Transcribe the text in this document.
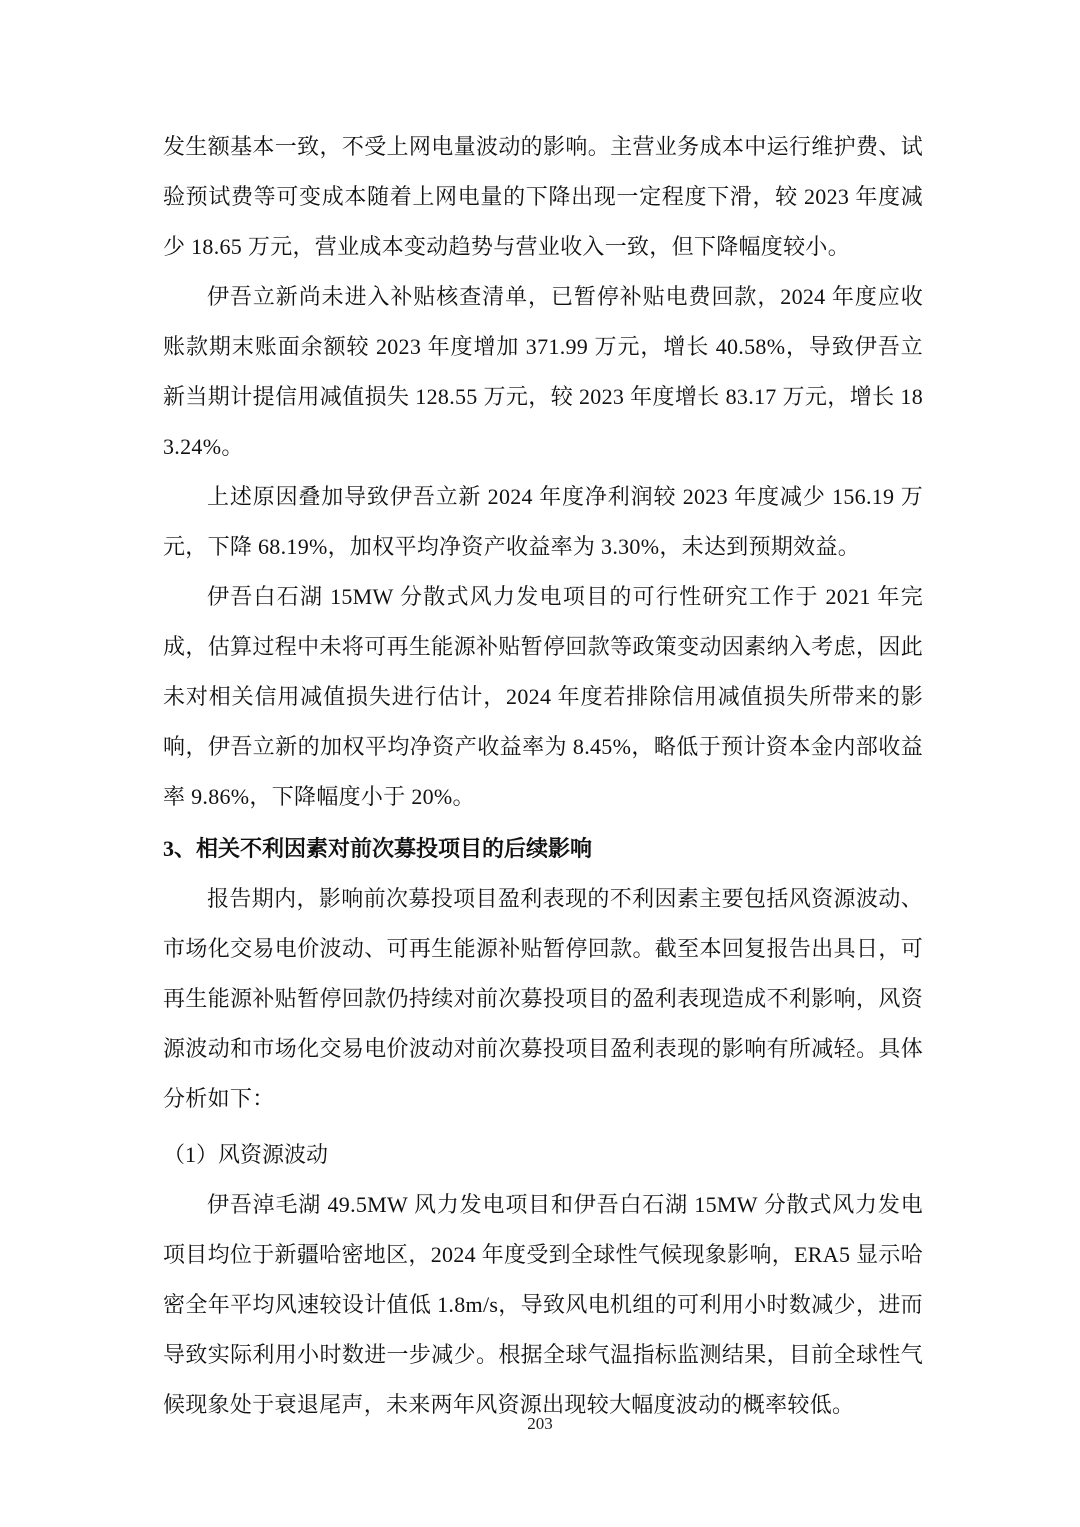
发生额基本一致，不受上网电量波动的影响。主营业务成本中运行维护费、试验预试费等可变成本随着上网电量的下降出现一定程度下滑，较 2023 年度减少 18.65 万元，营业成本变动趋势与营业收入一致，但下降幅度较小。

伊吾立新尚未进入补贴核查清单，已暂停补贴电费回款，2024 年度应收账款期末账面余额较 2023 年度增加 371.99 万元，增长 40.58%，导致伊吾立新当期计提信用减值损失 128.55 万元，较 2023 年度增长 83.17 万元，增长 183.24%。

上述原因叠加导致伊吾立新 2024 年度净利润较 2023 年度减少 156.19 万元，下降 68.19%，加权平均净资产收益率为 3.30%，未达到预期效益。

伊吾白石湖 15MW 分散式风力发电项目的可行性研究工作于 2021 年完成，估算过程中未将可再生能源补贴暂停回款等政策变动因素纳入考虑，因此未对相关信用减值损失进行估计，2024 年度若排除信用减值损失所带来的影响，伊吾立新的加权平均净资产收益率为 8.45%，略低于预计资本金内部收益率 9.86%，下降幅度小于 20%。

3、相关不利因素对前次募投项目的后续影响

报告期内，影响前次募投项目盈利表现的不利因素主要包括风资源波动、市场化交易电价波动、可再生能源补贴暂停回款。截至本回复报告出具日，可再生能源补贴暂停回款仍持续对前次募投项目的盈利表现造成不利影响，风资源波动和市场化交易电价波动对前次募投项目盈利表现的影响有所减轻。具体分析如下：

（1）风资源波动

伊吾淖毛湖 49.5MW 风力发电项目和伊吾白石湖 15MW 分散式风力发电项目均位于新疆哈密地区，2024 年度受到全球性气候现象影响，ERA5 显示哈密全年平均风速较设计值低 1.8m/s，导致风电机组的可利用小时数减少，进而导致实际利用小时数进一步减少。根据全球气温指标监测结果，目前全球性气候现象处于衰退尾声，未来两年风资源出现较大幅度波动的概率较低。

203
